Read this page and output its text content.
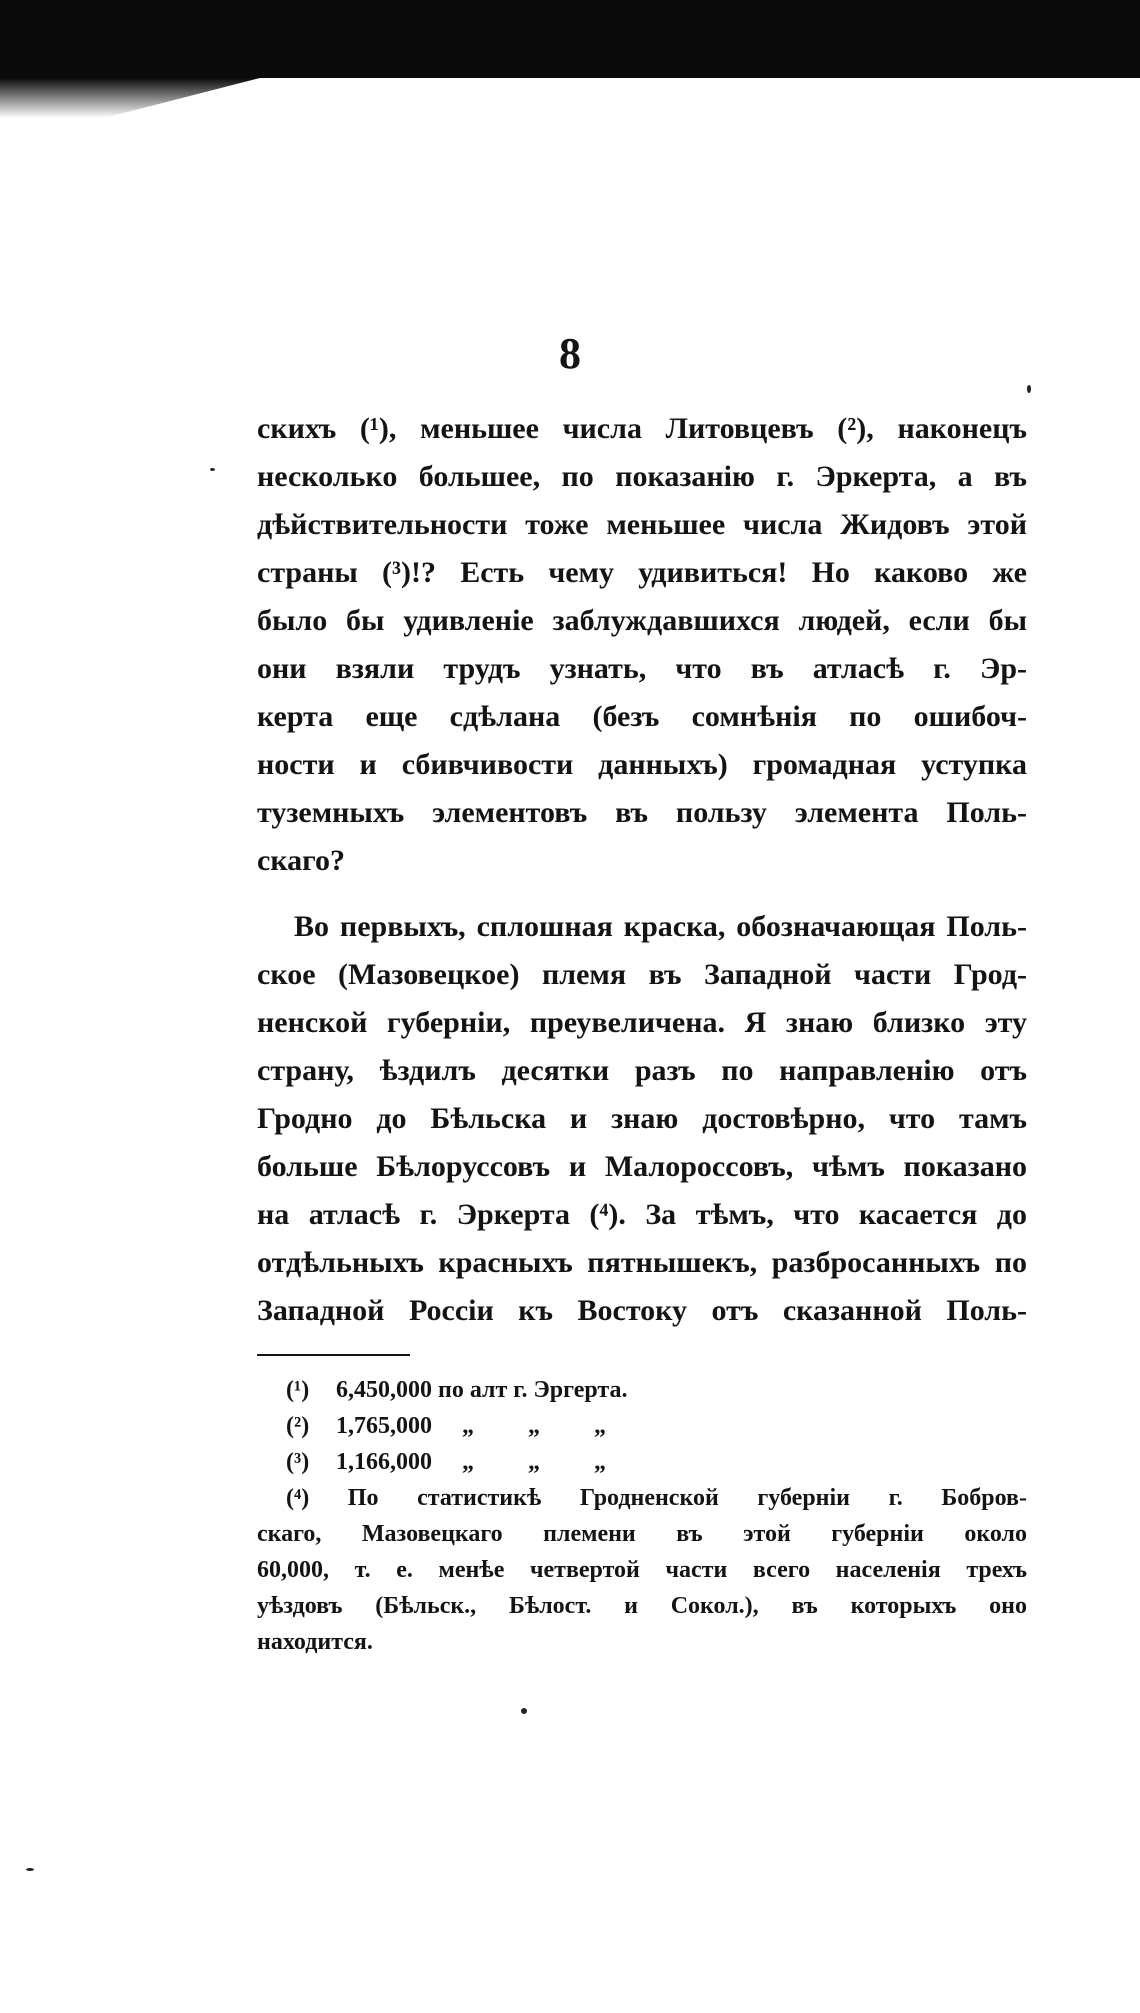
8
скихъ (¹), меньшее числа Литовцевъ (²), наконецъ
несколько большее, по показанію г. Эркерта, а въ
дѣйствительности тоже меньшее числа Жидовъ этой
страны (³)!? Есть чему удивиться! Но каково же
было бы удивленіе заблуждавшихся людей, если бы
они взяли трудъ узнать, что въ атласѣ г. Эр-
керта еще сдѣлана (безъ сомнѣнія по ошибоч-
ности и сбивчивости данныхъ) громадная уступка
туземныхъ элементовъ въ пользу элемента Поль-
скаго?
Во первыхъ, сплошная краска, обозначающая Поль-
ское (Мазовецкое) племя въ Западной части Грод-
ненской губерніи, преувеличена. Я знаю близко эту
страну, ѣздилъ десятки разъ по направленію отъ
Гродно до Бѣльска и знаю достовѣрно, что тамъ
больше Бѣлоруссовъ и Малороссовъ, чѣмъ показано
на атласѣ г. Эркерта (⁴). За тѣмъ, что касается до
отдѣльныхъ красныхъ пятнышекъ, разбросанныхъ по
Западной Россіи къ Востоку отъ сказанной Поль-
(¹) 6,450,000 по алт г. Эргерта.
(²) 1,765,000 „ „ „
(³) 1,166,000 „ „ „
(⁴) По статистикѣ Гродненской губерніи г. Бобров-
скаго, Мазовецкаго племени въ этой губерніи около
60,000, т. е. менѣе четвертой части всего населенія трехъ
уѣздовъ (Бѣльск., Бѣлост. и Сокол.), въ которыхъ оно
находится.
